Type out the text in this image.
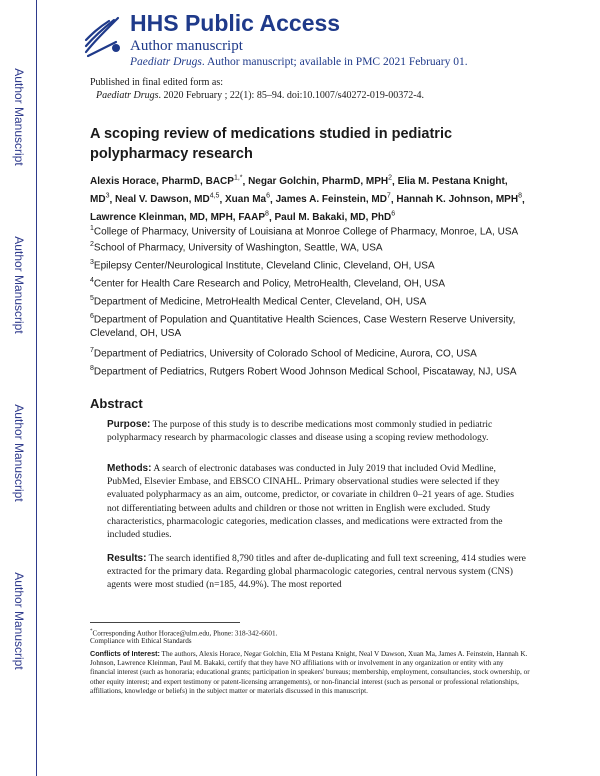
Author Manuscript
Author Manuscript
Author Manuscript
Author Manuscript
HHS Public Access
Author manuscript
Paediatr Drugs. Author manuscript; available in PMC 2021 February 01.
Published in final edited form as:
Paediatr Drugs. 2020 February ; 22(1): 85–94. doi:10.1007/s40272-019-00372-4.
A scoping review of medications studied in pediatric polypharmacy research
Alexis Horace, PharmD, $BACP^{1,*}$, Negar Golchin, PharmD, MPH$^2$, Elia M. Pestana Knight, $MD^3$, Neal V. Dawson, MD$^{4,5}$, Xuan Ma$^6$, James A. Feinstein, $MD^7$, Hannah K. Johnson, MPH$^8$, Lawrence Kleinman, MD, MPH, FAAP$^8$, Paul M. Bakaki, MD, PhD$^6$
$^1$College of Pharmacy, University of Louisiana at Monroe College of Pharmacy, Monroe, LA, USA
$^2$School of Pharmacy, University of Washington, Seattle, WA, USA
$^3$Epilepsy Center/Neurological Institute, Cleveland Clinic, Cleveland, OH, USA
$^4$Center for Health Care Research and Policy, MetroHealth, Cleveland, OH, USA
$^5$Department of Medicine, MetroHealth Medical Center, Cleveland, OH, USA
$^6$Department of Population and Quantitative Health Sciences, Case Western Reserve University, Cleveland, OH, USA
$^7$Department of Pediatrics, University of Colorado School of Medicine, Aurora, CO, USA
$^8$Department of Pediatrics, Rutgers Robert Wood Johnson Medical School, Piscataway, NJ, USA
Abstract
Purpose: The purpose of this study is to describe medications most commonly studied in pediatric polypharmacy research by pharmacologic classes and disease using a scoping review methodology.
Methods: A search of electronic databases was conducted in July 2019 that included Ovid Medline, PubMed, Elsevier Embase, and EBSCO CINAHL. Primary observational studies were selected if they evaluated polypharmacy as an aim, outcome, predictor, or covariate in children 0–21 years of age. Studies not differentiating between adults and children or those not written in English were excluded. Study characteristics, pharmacologic categories, medication classes, and medications were extracted from the included studies.
Results: The search identified 8,790 titles and after de-duplicating and full text screening, 414 studies were extracted for the primary data. Regarding global pharmacologic categories, central nervous system (CNS) agents were most studied (n=185, 44.9%). The most reported
*Corresponding Author Horace@ulm.edu, Phone: 318-342-6601.
Compliance with Ethical Standards
Conflicts of Interest: The authors, Alexis Horace, Negar Golchin, Elia M Pestana Knight, Neal V Dawson, Xuan Ma, James A. Feinstein, Hannah K. Johnson, Lawrence Kleinman, Paul M. Bakaki, certify that they have NO affiliations with or involvement in any organization or entity with any financial interest (such as honoraria; educational grants; participation in speakers' bureaus; membership, employment, consultancies, stock ownership, or other equity interest; and expert testimony or patent-licensing arrangements), or non-financial interest (such as personal or professional relationships, affiliations, knowledge or beliefs) in the subject matter or materials discussed in this manuscript.
